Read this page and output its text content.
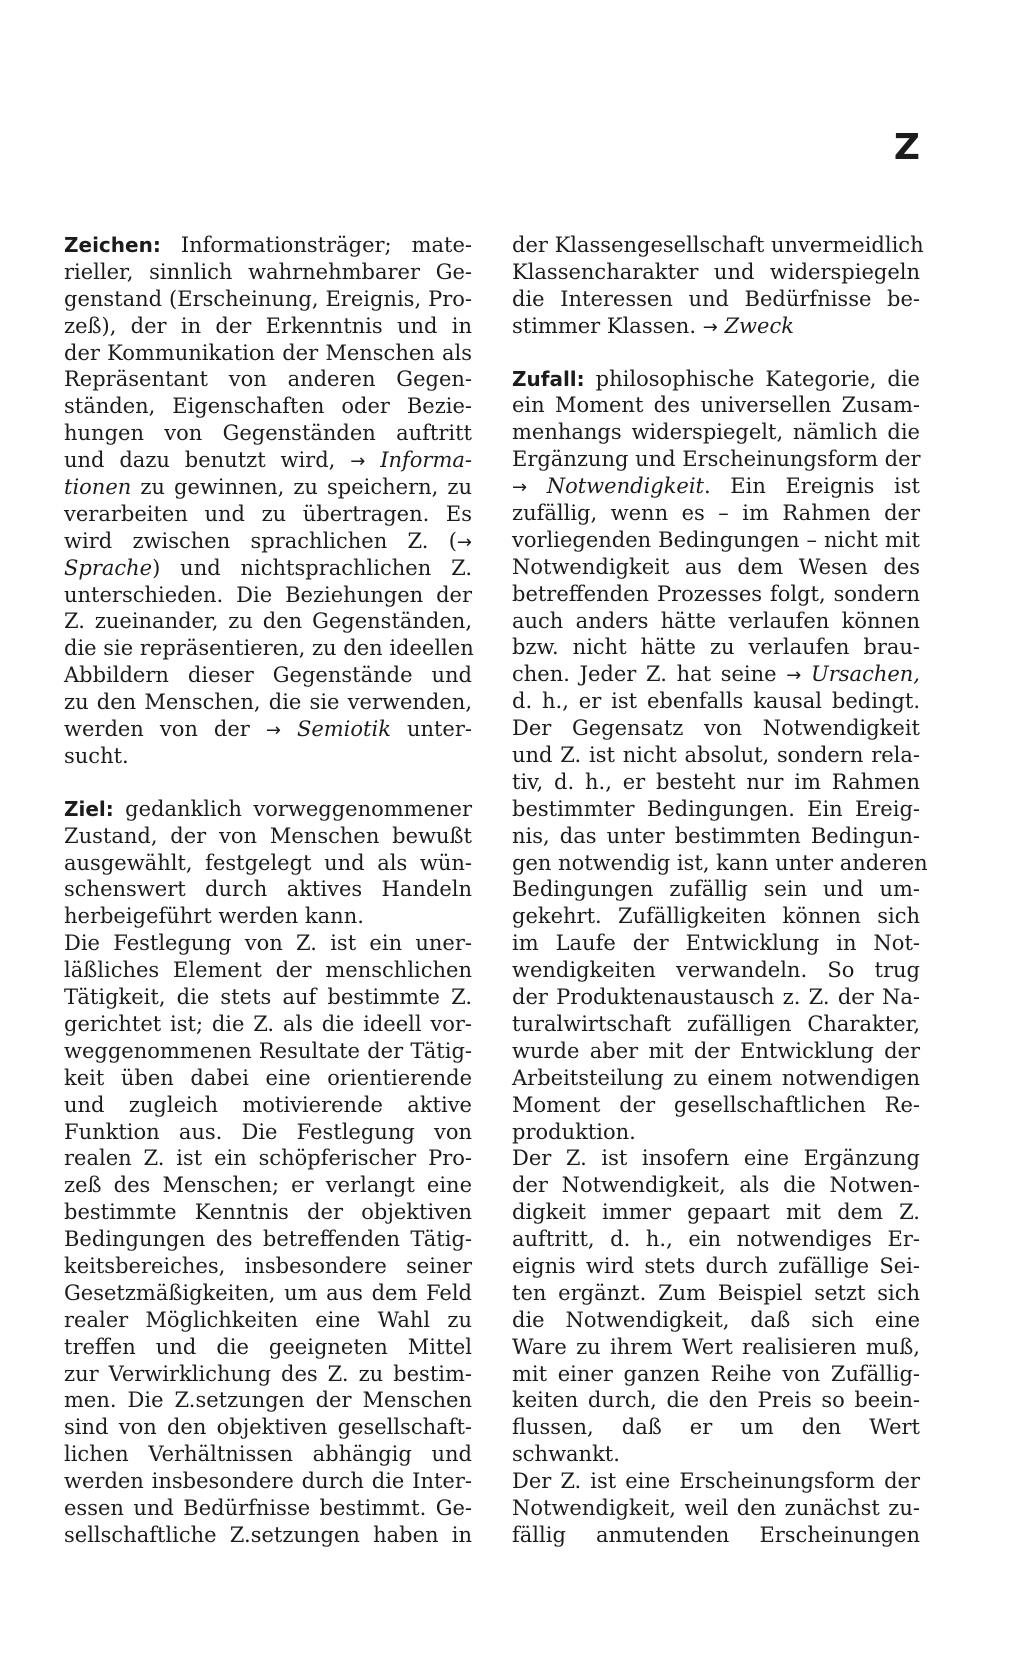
Z
Zeichen: Informationsträger; mate-
rieller, sinnlich wahrnehmbarer Ge-
genstand (Erscheinung, Ereignis, Pro-
zeß), der in der Erkenntnis und in
der Kommunikation der Menschen als
Repräsentant von anderen Gegen-
ständen, Eigenschaften oder Bezie-
hungen von Gegenständen auftritt
und dazu benutzt wird, → Informa-
tionen zu gewinnen, zu speichern, zu
verarbeiten und zu übertragen. Es
wird zwischen sprachlichen Z. (→
Sprache) und nichtsprachlichen Z.
unterschieden. Die Beziehungen der
Z. zueinander, zu den Gegenständen,
die sie repräsentieren, zu den ideellen
Abbildern dieser Gegenstände und
zu den Menschen, die sie verwenden,
werden von der → Semiotik unter-
sucht.
Ziel: gedanklich vorweggenommener
Zustand, der von Menschen bewußt
ausgewählt, festgelegt und als wün-
schenswert durch aktives Handeln
herbeigeführt werden kann.
Die Festlegung von Z. ist ein uner-
läßliches Element der menschlichen
Tätigkeit, die stets auf bestimmte Z.
gerichtet ist; die Z. als die ideell vor-
weggenommenen Resultate der Tätig-
keit üben dabei eine orientierende
und zugleich motivierende aktive
Funktion aus. Die Festlegung von
realen Z. ist ein schöpferischer Pro-
zeß des Menschen; er verlangt eine
bestimmte Kenntnis der objektiven
Bedingungen des betreffenden Tätig-
keitsbereiches, insbesondere seiner
Gesetzmäßigkeiten, um aus dem Feld
realer Möglichkeiten eine Wahl zu
treffen und die geeigneten Mittel
zur Verwirklichung des Z. zu bestim-
men. Die Z.setzungen der Menschen
sind von den objektiven gesellschaft-
lichen Verhältnissen abhängig und
werden insbesondere durch die Inter-
essen und Bedürfnisse bestimmt. Ge-
sellschaftliche Z.setzungen haben in
der Klassengesellschaft unvermeidlich
Klassencharakter und widerspiegeln
die Interessen und Bedürfnisse be-
stimmer Klassen. → Zweck
Zufall: philosophische Kategorie, die
ein Moment des universellen Zusam-
menhangs widerspiegelt, nämlich die
Ergänzung und Erscheinungsform der
→ Notwendigkeit. Ein Ereignis ist
zufällig, wenn es – im Rahmen der
vorliegenden Bedingungen – nicht mit
Notwendigkeit aus dem Wesen des
betreffenden Prozesses folgt, sondern
auch anders hätte verlaufen können
bzw. nicht hätte zu verlaufen brau-
chen. Jeder Z. hat seine → Ursachen,
d. h., er ist ebenfalls kausal bedingt.
Der Gegensatz von Notwendigkeit
und Z. ist nicht absolut, sondern rela-
tiv, d. h., er besteht nur im Rahmen
bestimmter Bedingungen. Ein Ereig-
nis, das unter bestimmten Bedingun-
gen notwendig ist, kann unter anderen
Bedingungen zufällig sein und um-
gekehrt. Zufälligkeiten können sich
im Laufe der Entwicklung in Not-
wendigkeiten verwandeln. So trug
der Produktenaustausch z. Z. der Na-
turalwirtschaft zufälligen Charakter,
wurde aber mit der Entwicklung der
Arbeitsteilung zu einem notwendigen
Moment der gesellschaftlichen Re-
produktion.
Der Z. ist insofern eine Ergänzung
der Notwendigkeit, als die Notwen-
digkeit immer gepaart mit dem Z.
auftritt, d. h., ein notwendiges Er-
eignis wird stets durch zufällige Sei-
ten ergänzt. Zum Beispiel setzt sich
die Notwendigkeit, daß sich eine
Ware zu ihrem Wert realisieren muß,
mit einer ganzen Reihe von Zufällig-
keiten durch, die den Preis so beein-
flussen, daß er um den Wert
schwankt.
Der Z. ist eine Erscheinungsform der
Notwendigkeit, weil den zunächst zu-
fällig anmutenden Erscheinungen
